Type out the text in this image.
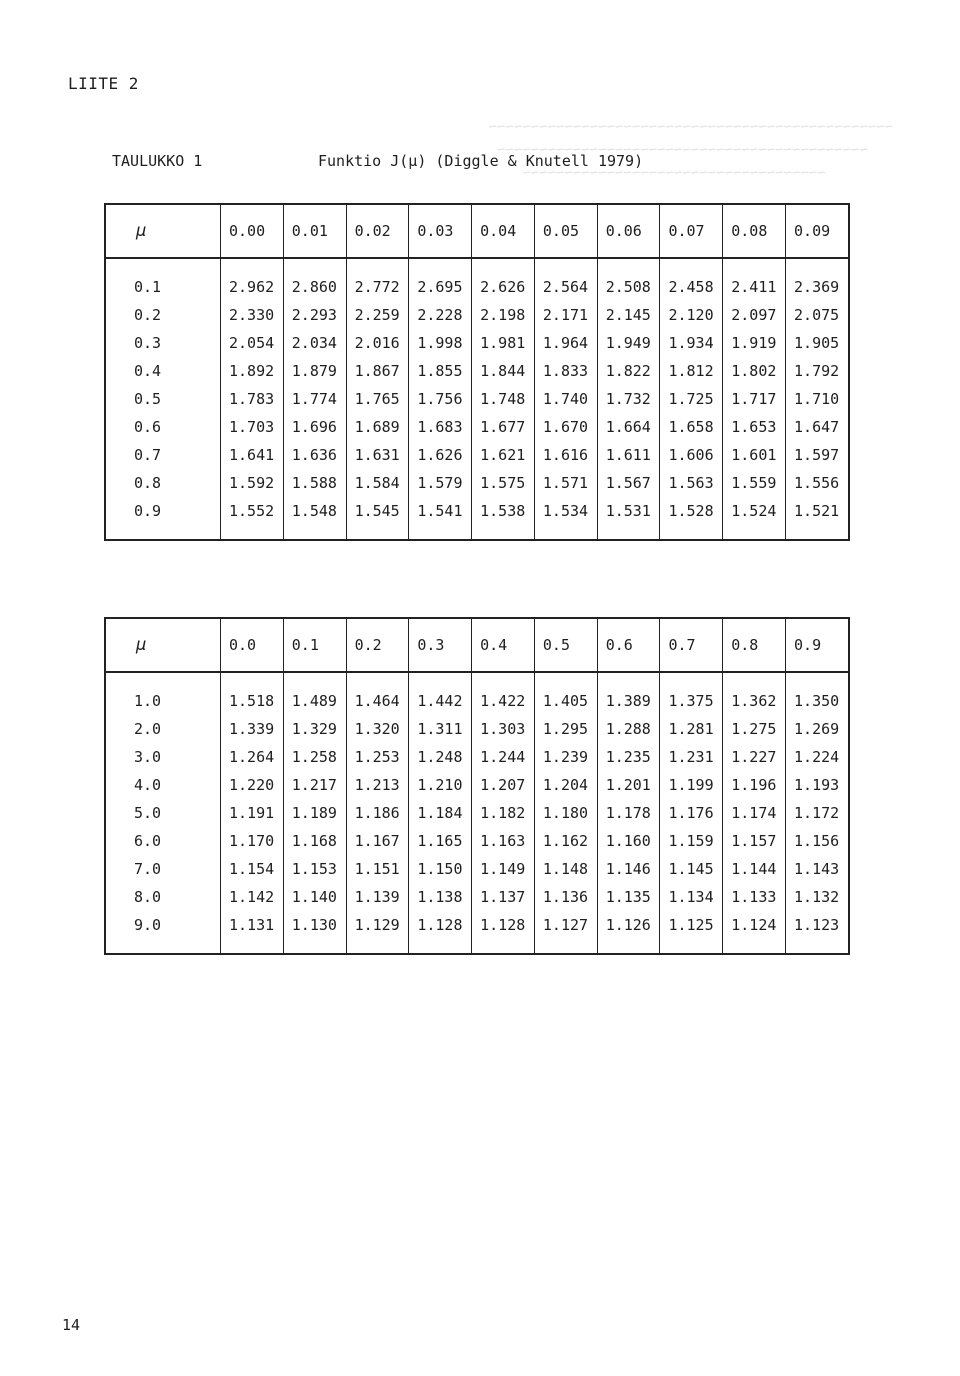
~~~~~~~~~~~~~~~~~~~~~~~~~~~~~~~~~~~~~~~~~~~~~~~~
~~~~~~~~~~~~~~~~~~~~~~~~~~~~~~~~~~~~~~~~~~~~
~~~~~~~~~~~~~~~~~~~~~~~~~~~~~~~~~~~~

LIITE 2
TAULUKKO 1	Funktio J(μ) (Diggle & Knutell 1979)
μ	0.00	0.01	0.02	0.03	0.04	0.05	0.06	0.07	0.08	0.09

0.1	2.962	2.860	2.772	2.695	2.626	2.564	2.508	2.458	2.411	2.369
0.2	2.330	2.293	2.259	2.228	2.198	2.171	2.145	2.120	2.097	2.075
0.3	2.054	2.034	2.016	1.998	1.981	1.964	1.949	1.934	1.919	1.905
0.4	1.892	1.879	1.867	1.855	1.844	1.833	1.822	1.812	1.802	1.792
0.5	1.783	1.774	1.765	1.756	1.748	1.740	1.732	1.725	1.717	1.710
0.6	1.703	1.696	1.689	1.683	1.677	1.670	1.664	1.658	1.653	1.647
0.7	1.641	1.636	1.631	1.626	1.621	1.616	1.611	1.606	1.601	1.597
0.8	1.592	1.588	1.584	1.579	1.575	1.571	1.567	1.563	1.559	1.556
0.9	1.552	1.548	1.545	1.541	1.538	1.534	1.531	1.528	1.524	1.521

μ	0.0	0.1	0.2	0.3	0.4	0.5	0.6	0.7	0.8	0.9

1.0	1.518	1.489	1.464	1.442	1.422	1.405	1.389	1.375	1.362	1.350
2.0	1.339	1.329	1.320	1.311	1.303	1.295	1.288	1.281	1.275	1.269
3.0	1.264	1.258	1.253	1.248	1.244	1.239	1.235	1.231	1.227	1.224
4.0	1.220	1.217	1.213	1.210	1.207	1.204	1.201	1.199	1.196	1.193
5.0	1.191	1.189	1.186	1.184	1.182	1.180	1.178	1.176	1.174	1.172
6.0	1.170	1.168	1.167	1.165	1.163	1.162	1.160	1.159	1.157	1.156
7.0	1.154	1.153	1.151	1.150	1.149	1.148	1.146	1.145	1.144	1.143
8.0	1.142	1.140	1.139	1.138	1.137	1.136	1.135	1.134	1.133	1.132
9.0	1.131	1.130	1.129	1.128	1.128	1.127	1.126	1.125	1.124	1.123

14
